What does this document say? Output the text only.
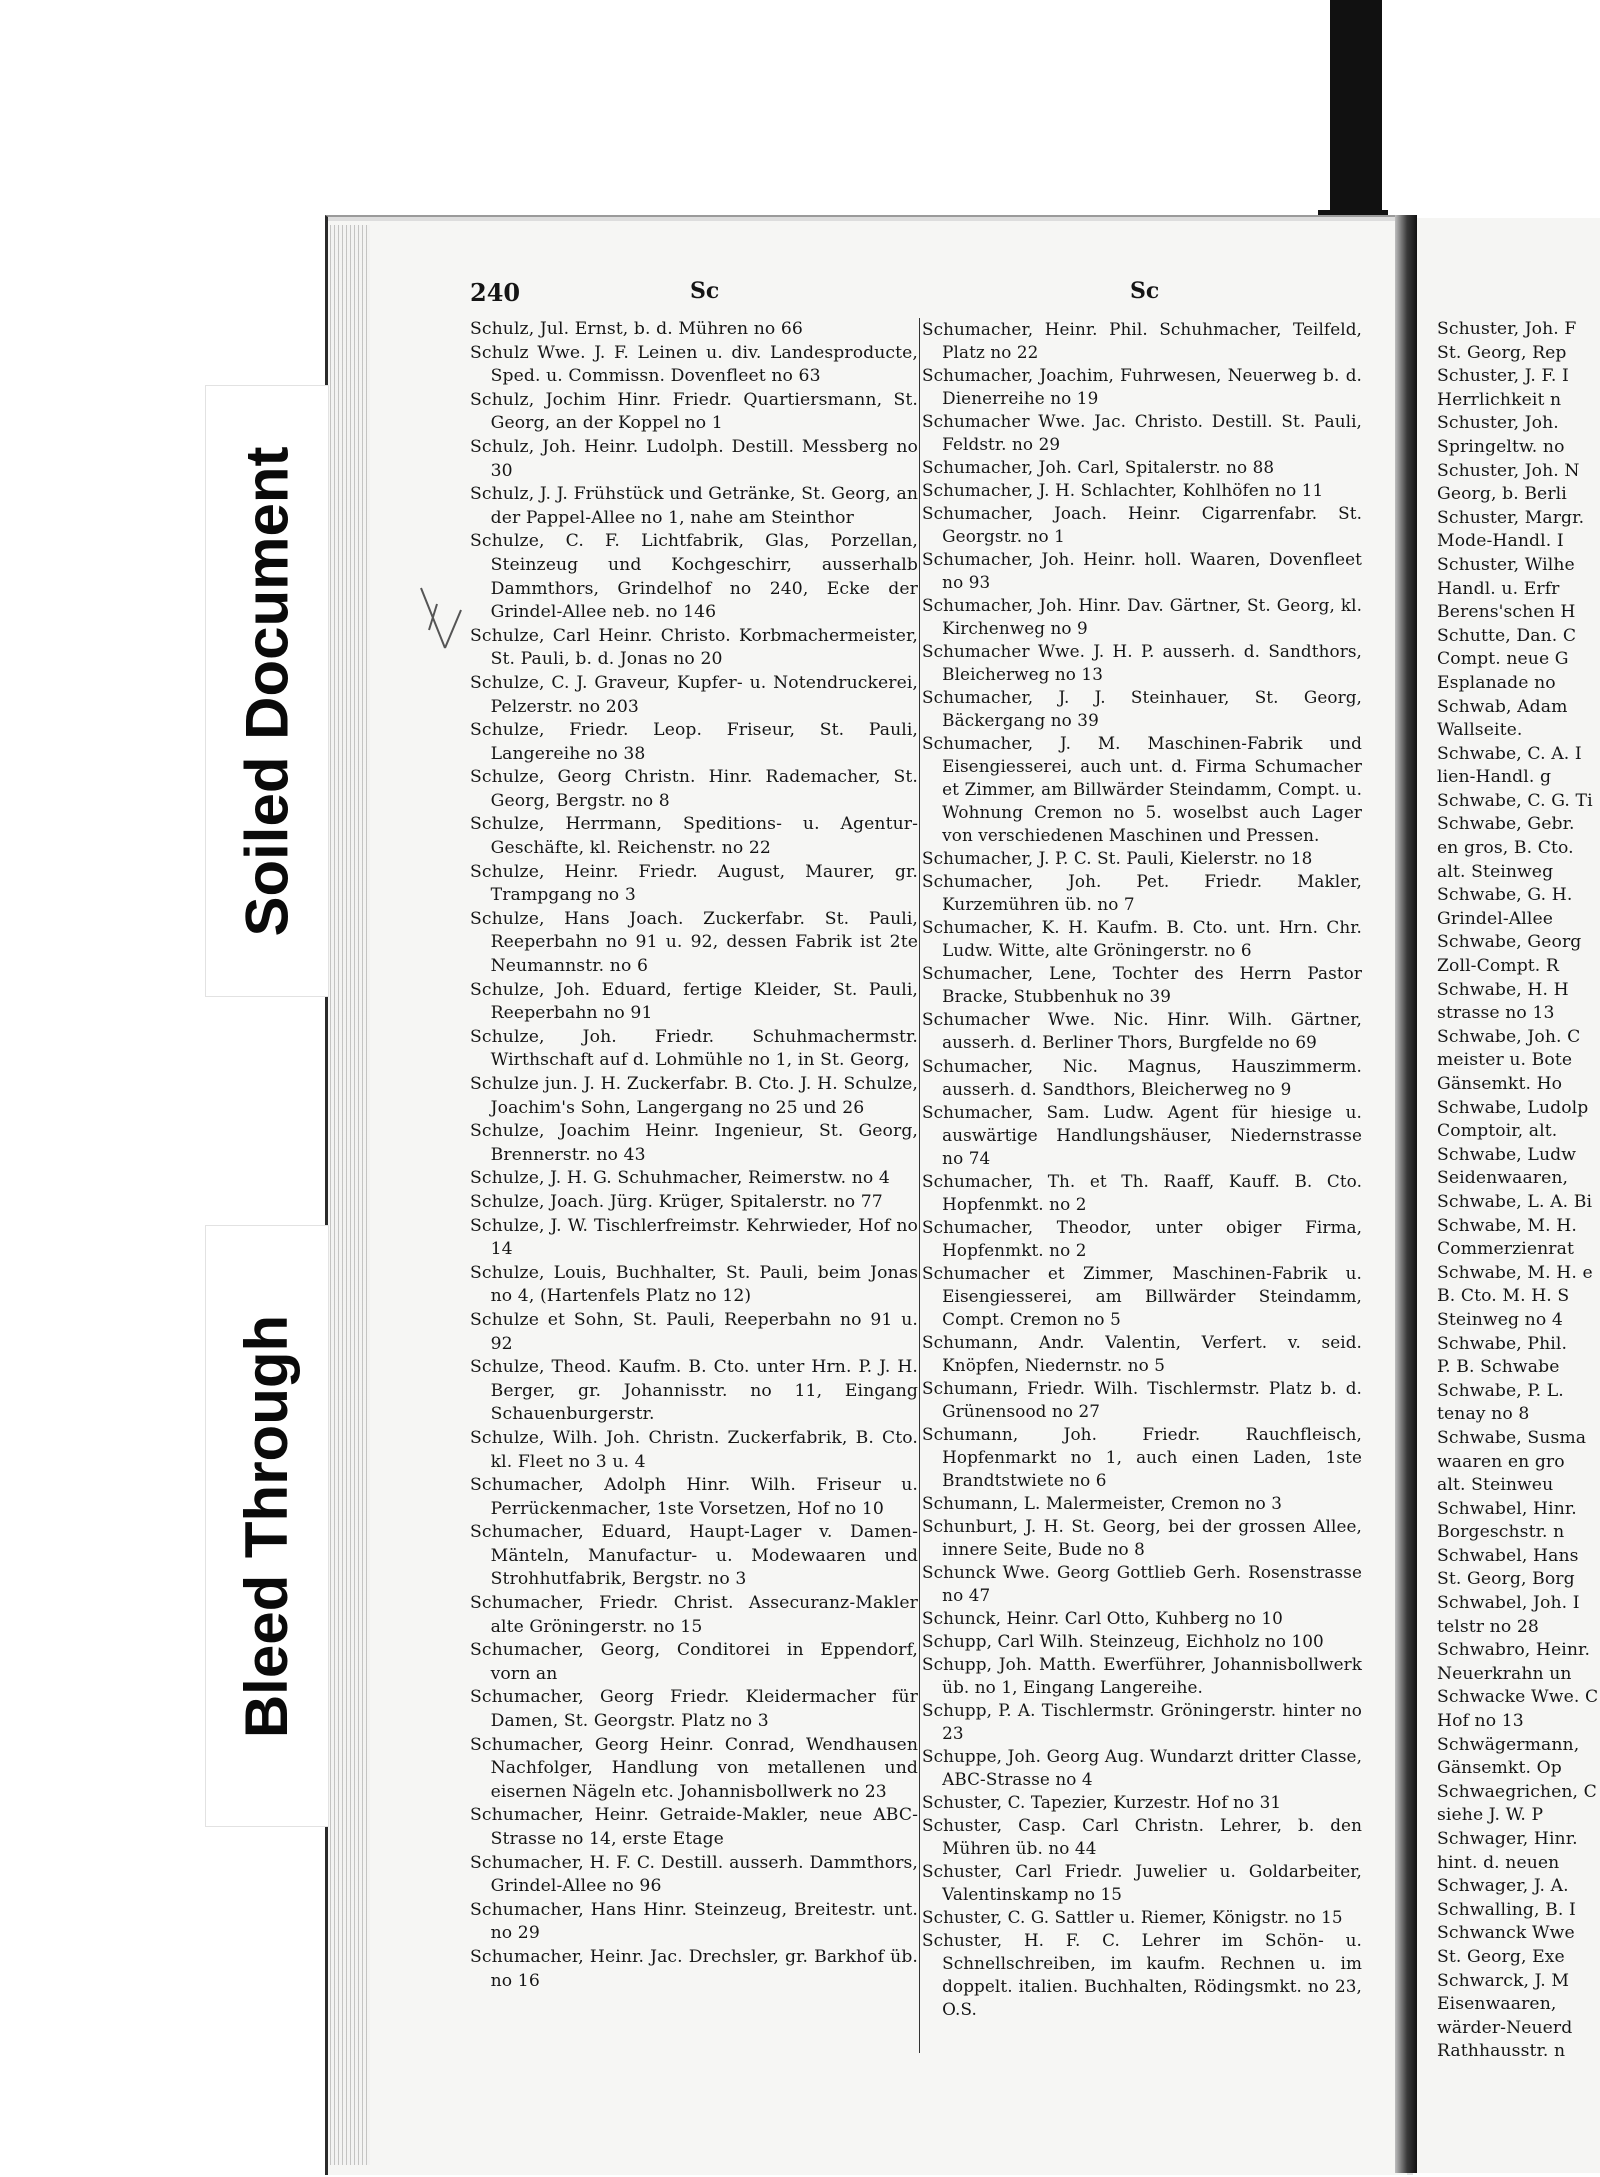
Soiled Document
Bleed Through
240	Sc	Sc

Schulz, Jul. Ernst, b. d. Mühren no 66

Schulz Wwe. J. F. Leinen u. div. Landesproducte, Sped. u. Commissn. Dovenfleet no 63

Schulz, Jochim Hinr. Friedr. Quartiersmann, St. Georg, an der Koppel no 1

Schulz, Joh. Heinr. Ludolph. Destill. Messberg no 30

Schulz, J. J. Frühstück und Getränke, St. Georg, an der Pappel-Allee no 1, nahe am Steinthor

Schulze, C. F. Lichtfabrik, Glas, Porzellan, Steinzeug und Kochgeschirr, ausserhalb Dammthors, Grindelhof no 240, Ecke der Grindel-Allee neb. no 146

Schulze, Carl Heinr. Christo. Korbmachermeister, St. Pauli, b. d. Jonas no 20

Schulze, C. J. Graveur, Kupfer- u. Notendruckerei, Pelzerstr. no 203

Schulze, Friedr. Leop. Friseur, St. Pauli, Langereihe no 38

Schulze, Georg Christn. Hinr. Rademacher, St. Georg, Bergstr. no 8

Schulze, Herrmann, Speditions- u. Agentur-Geschäfte, kl. Reichenstr. no 22

Schulze, Heinr. Friedr. August, Maurer, gr. Trampgang no 3

Schulze, Hans Joach. Zuckerfabr. St. Pauli, Reeperbahn no 91 u. 92, dessen Fabrik ist 2te Neumannstr. no 6

Schulze, Joh. Eduard, fertige Kleider, St. Pauli, Reeperbahn no 91

Schulze, Joh. Friedr. Schuhmachermstr. Wirthschaft auf d. Lohmühle no 1, in St. Georg,

Schulze jun. J. H. Zuckerfabr. B. Cto. J. H. Schulze, Joachim's Sohn, Langergang no 25 und 26

Schulze, Joachim Heinr. Ingenieur, St. Georg, Brennerstr. no 43

Schulze, J. H. G. Schuhmacher, Reimerstw. no 4

Schulze, Joach. Jürg. Krüger, Spitalerstr. no 77

Schulze, J. W. Tischlerfreimstr. Kehrwieder, Hof no 14

Schulze, Louis, Buchhalter, St. Pauli, beim Jonas no 4, (Hartenfels Platz no 12)

Schulze et Sohn, St. Pauli, Reeperbahn no 91 u. 92

Schulze, Theod. Kaufm. B. Cto. unter Hrn. P. J. H. Berger, gr. Johannisstr. no 11, Eingang Schauenburgerstr.

Schulze, Wilh. Joh. Christn. Zuckerfabrik, B. Cto. kl. Fleet no 3 u. 4

Schumacher, Adolph Hinr. Wilh. Friseur u. Perrückenmacher, 1ste Vorsetzen, Hof no 10

Schumacher, Eduard, Haupt-Lager v. Damen-Mänteln, Manufactur- u. Modewaaren und Strohhutfabrik, Bergstr. no 3

Schumacher, Friedr. Christ. Assecuranz-Makler alte Gröningerstr. no 15

Schumacher, Georg, Conditorei in Eppendorf, vorn an

Schumacher, Georg Friedr. Kleidermacher für Damen, St. Georgstr. Platz no 3

Schumacher, Georg Heinr. Conrad, Wendhausen Nachfolger, Handlung von metallenen und eisernen Nägeln etc. Johannisbollwerk no 23

Schumacher, Heinr. Getraide-Makler, neue ABC-Strasse no 14, erste Etage

Schumacher, H. F. C. Destill. ausserh. Dammthors, Grindel-Allee no 96

Schumacher, Hans Hinr. Steinzeug, Breitestr. unt. no 29

Schumacher, Heinr. Jac. Drechsler, gr. Barkhof üb. no 16

Schumacher, Heinr. Phil. Schuhmacher, Teilfeld, Platz no 22

Schumacher, Joachim, Fuhrwesen, Neuerweg b. d. Dienerreihe no 19

Schumacher Wwe. Jac. Christo. Destill. St. Pauli, Feldstr. no 29

Schumacher, Joh. Carl, Spitalerstr. no 88

Schumacher, J. H. Schlachter, Kohlhöfen no 11

Schumacher, Joach. Heinr. Cigarrenfabr. St. Georgstr. no 1

Schumacher, Joh. Heinr. holl. Waaren, Dovenfleet no 93

Schumacher, Joh. Hinr. Dav. Gärtner, St. Georg, kl. Kirchenweg no 9

Schumacher Wwe. J. H. P. ausserh. d. Sandthors, Bleicherweg no 13

Schumacher, J. J. Steinhauer, St. Georg, Bäckergang no 39

Schumacher, J. M. Maschinen-Fabrik und Eisengiesserei, auch unt. d. Firma Schumacher et Zimmer, am Billwärder Steindamm, Compt. u. Wohnung Cremon no 5. woselbst auch Lager von verschiedenen Maschinen und Pressen.

Schumacher, J. P. C. St. Pauli, Kielerstr. no 18

Schumacher, Joh. Pet. Friedr. Makler, Kurzemühren üb. no 7

Schumacher, K. H. Kaufm. B. Cto. unt. Hrn. Chr. Ludw. Witte, alte Gröningerstr. no 6

Schumacher, Lene, Tochter des Herrn Pastor Bracke, Stubbenhuk no 39

Schumacher Wwe. Nic. Hinr. Wilh. Gärtner, ausserh. d. Berliner Thors, Burgfelde no 69

Schumacher, Nic. Magnus, Hauszimmerm. ausserh. d. Sandthors, Bleicherweg no 9

Schumacher, Sam. Ludw. Agent für hiesige u. auswärtige Handlungshäuser, Niedernstrasse no 74

Schumacher, Th. et Th. Raaff, Kauff. B. Cto. Hopfenmkt. no 2

Schumacher, Theodor, unter obiger Firma, Hopfenmkt. no 2

Schumacher et Zimmer, Maschinen-Fabrik u. Eisengiesserei, am Billwärder Steindamm, Compt. Cremon no 5

Schumann, Andr. Valentin, Verfert. v. seid. Knöpfen, Niedernstr. no 5

Schumann, Friedr. Wilh. Tischlermstr. Platz b. d. Grünensood no 27

Schumann, Joh. Friedr. Rauchfleisch, Hopfenmarkt no 1, auch einen Laden, 1ste Brandtstwiete no 6

Schumann, L. Malermeister, Cremon no 3

Schunburt, J. H. St. Georg, bei der grossen Allee, innere Seite, Bude no 8

Schunck Wwe. Georg Gottlieb Gerh. Rosenstrasse no 47

Schunck, Heinr. Carl Otto, Kuhberg no 10

Schupp, Carl Wilh. Steinzeug, Eichholz no 100

Schupp, Joh. Matth. Ewerführer, Johannisbollwerk üb. no 1, Eingang Langereihe.

Schupp, P. A. Tischlermstr. Gröningerstr. hinter no 23

Schuppe, Joh. Georg Aug. Wundarzt dritter Classe, ABC-Strasse no 4

Schuster, C. Tapezier, Kurzestr. Hof no 31

Schuster, Casp. Carl Christn. Lehrer, b. den Mühren üb. no 44

Schuster, Carl Friedr. Juwelier u. Goldarbeiter, Valentinskamp no 15

Schuster, C. G. Sattler u. Riemer, Königstr. no 15

Schuster, H. F. C. Lehrer im Schön- u. Schnellschreiben, im kaufm. Rechnen u. im doppelt. italien. Buchhalten, Rödingsmkt. no 23, O.S.

Schuster, Joh. F

St. Georg, Rep

Schuster, J. F. I

Herrlichkeit n

Schuster, Joh.

Springeltw. no

Schuster, Joh. N

Georg, b. Berli

Schuster, Margr.

Mode-Handl. I

Schuster, Wilhe

Handl. u. Erfr

Berens'schen H

Schutte, Dan. C

Compt. neue G

Esplanade no

Schwab, Adam

Wallseite.

Schwabe, C. A. I

lien-Handl. g

Schwabe, C. G. Ti

Schwabe, Gebr.

en gros, B. Cto.

alt. Steinweg

Schwabe, G. H.

Grindel-Allee

Schwabe, Georg

Zoll-Compt. R

Schwabe, H. H

strasse no 13

Schwabe, Joh. C

meister u. Bote

Gänsemkt. Ho

Schwabe, Ludolp

Comptoir, alt.

Schwabe, Ludw

Seidenwaaren,

Schwabe, L. A. Bi

Schwabe, M. H.

Commerzienrat

Schwabe, M. H. e

B. Cto. M. H. S

Steinweg no 4

Schwabe, Phil.

P. B. Schwabe

Schwabe, P. L.

tenay no 8

Schwabe, Susma

waaren en gro

alt. Steinweu

Schwabel, Hinr.

Borgeschstr. n

Schwabel, Hans

St. Georg, Borg

Schwabel, Joh. I

telstr no 28

Schwabro, Heinr.

Neuerkrahn un

Schwacke Wwe. C

Hof no 13

Schwägermann,

Gänsemkt. Op

Schwaegrichen, C

siehe J. W. P

Schwager, Hinr.

hint. d. neuen

Schwager, J. A.

Schwalling, B. I

Schwanck Wwe

St. Georg, Exe

Schwarck, J. M

Eisenwaaren,

wärder-Neuerd

Rathhausstr. n
